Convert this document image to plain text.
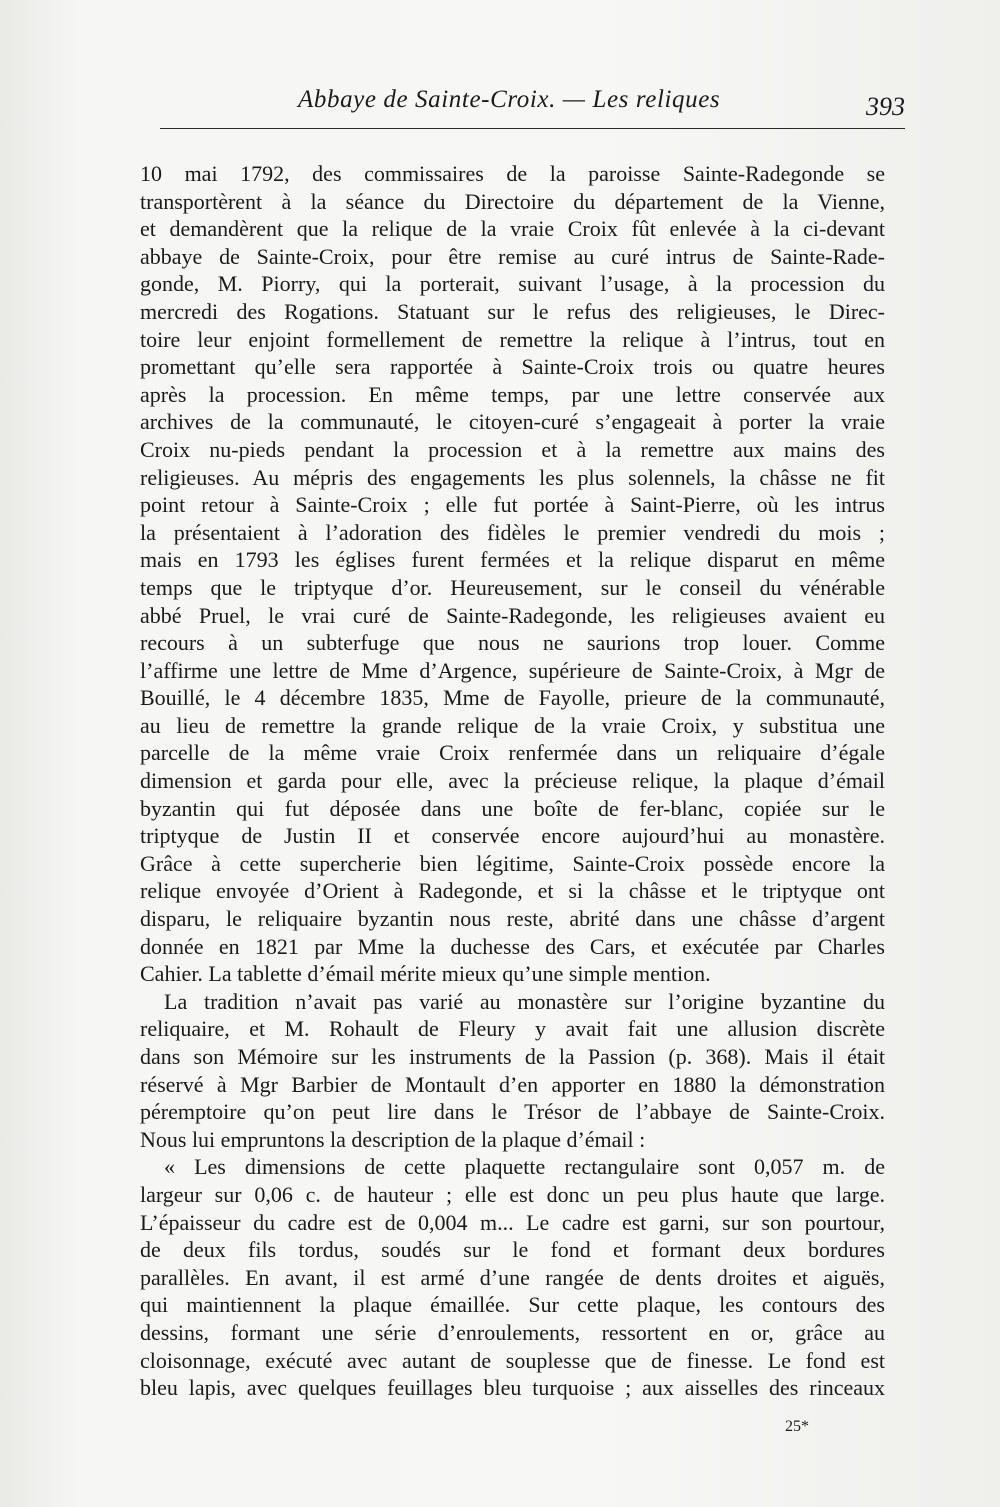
Abbaye de Sainte-Croix. — Les reliques	393
10 mai 1792, des commissaires de la paroisse Sainte-Radegonde se
transportèrent à la séance du Directoire du département de la Vienne,
et demandèrent que la relique de la vraie Croix fût enlevée à la ci-devant
abbaye de Sainte-Croix, pour être remise au curé intrus de Sainte-Rade-
gonde, M. Piorry, qui la porterait, suivant l’usage, à la procession du
mercredi des Rogations. Statuant sur le refus des religieuses, le Direc-
toire leur enjoint formellement de remettre la relique à l’intrus, tout en
promettant qu’elle sera rapportée à Sainte-Croix trois ou quatre heures
après la procession. En même temps, par une lettre conservée aux
archives de la communauté, le citoyen-curé s’engageait à porter la vraie
Croix nu-pieds pendant la procession et à la remettre aux mains des
religieuses. Au mépris des engagements les plus solennels, la châsse ne fit
point retour à Sainte-Croix ; elle fut portée à Saint-Pierre, où les intrus
la présentaient à l’adoration des fidèles le premier vendredi du mois ;
mais en 1793 les églises furent fermées et la relique disparut en même
temps que le triptyque d’or. Heureusement, sur le conseil du vénérable
abbé Pruel, le vrai curé de Sainte-Radegonde, les religieuses avaient eu
recours à un subterfuge que nous ne saurions trop louer. Comme
l’affirme une lettre de Mme d’Argence, supérieure de Sainte-Croix, à Mgr de
Bouillé, le 4 décembre 1835, Mme de Fayolle, prieure de la communauté,
au lieu de remettre la grande relique de la vraie Croix, y substitua une
parcelle de la même vraie Croix renfermée dans un reliquaire d’égale
dimension et garda pour elle, avec la précieuse relique, la plaque d’émail
byzantin qui fut déposée dans une boîte de fer-blanc, copiée sur le
triptyque de Justin II et conservée encore aujourd’hui au monastère.
Grâce à cette supercherie bien légitime, Sainte-Croix possède encore la
relique envoyée d’Orient à Radegonde, et si la châsse et le triptyque ont
disparu, le reliquaire byzantin nous reste, abrité dans une châsse d’argent
donnée en 1821 par Mme la duchesse des Cars, et exécutée par Charles
Cahier. La tablette d’émail mérite mieux qu’une simple mention.
La tradition n’avait pas varié au monastère sur l’origine byzantine du
reliquaire, et M. Rohault de Fleury y avait fait une allusion discrète
dans son Mémoire sur les instruments de la Passion (p. 368). Mais il était
réservé à Mgr Barbier de Montault d’en apporter en 1880 la démonstration
péremptoire qu’on peut lire dans le Trésor de l’abbaye de Sainte-Croix.
Nous lui empruntons la description de la plaque d’émail :
« Les dimensions de cette plaquette rectangulaire sont 0,057 m. de
largeur sur 0,06 c. de hauteur ; elle est donc un peu plus haute que large.
L’épaisseur du cadre est de 0,004 m... Le cadre est garni, sur son pourtour,
de deux fils tordus, soudés sur le fond et formant deux bordures
parallèles. En avant, il est armé d’une rangée de dents droites et aiguës,
qui maintiennent la plaque émaillée. Sur cette plaque, les contours des
dessins, formant une série d’enroulements, ressortent en or, grâce au
cloisonnage, exécuté avec autant de souplesse que de finesse. Le fond est
bleu lapis, avec quelques feuillages bleu turquoise ; aux aisselles des rinceaux
25*
